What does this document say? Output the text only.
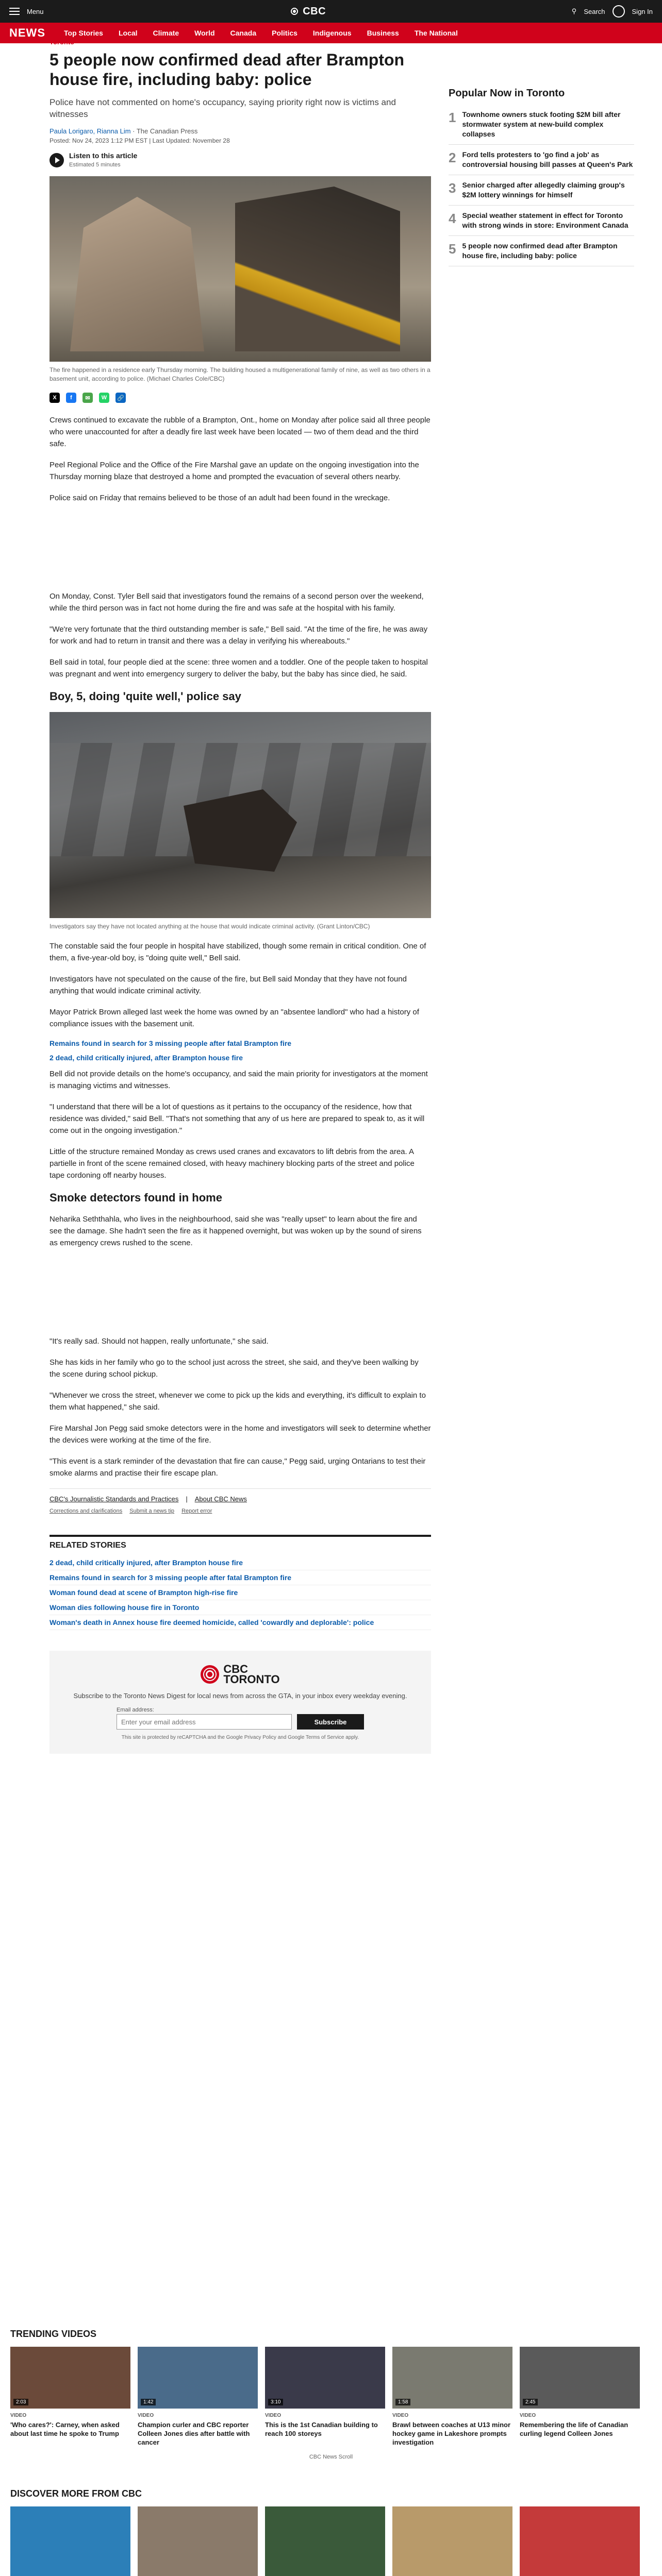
Menu	CBC	⚲ Search	Sign In
NEWS	Top Stories Local Climate World Canada Politics Indigenous Business The National
Toronto
5 people now confirmed dead after Brampton house fire, including baby: police

Police have not commented on home's occupancy, saying priority right now is victims and witnesses

Paula Lorigaro, Rianna Lim · The Canadian Press
Posted: Nov 24, 2023 1:12 PM EST | Last Updated: November 28
Listen to this article
Estimated 5 minutes

The fire happened in a residence early Thursday morning. The building housed a multigenerational family of nine, as well as two others in a basement unit, according to police. (Michael Charles Cole/CBC)

X	f	✉	W	🔗

Crews continued to excavate the rubble of a Brampton, Ont., home on Monday after police said all three people who were unaccounted for after a deadly fire last week have been located — two of them dead and the third safe.

Peel Regional Police and the Office of the Fire Marshal gave an update on the ongoing investigation into the Thursday morning blaze that destroyed a home and prompted the evacuation of several others nearby.

Police said on Friday that remains believed to be those of an adult had been found in the wreckage.

On Monday, Const. Tyler Bell said that investigators found the remains of a second person over the weekend, while the third person was in fact not home during the fire and was safe at the hospital with his family.

"We're very fortunate that the third outstanding member is safe," Bell said. "At the time of the fire, he was away for work and had to return in transit and there was a delay in verifying his whereabouts."

Bell said in total, four people died at the scene: three women and a toddler. One of the people taken to hospital was pregnant and went into emergency surgery to deliver the baby, but the baby has since died, he said.

Boy, 5, doing 'quite well,' police say

Investigators say they have not located anything at the house that would indicate criminal activity. (Grant Linton/CBC)

The constable said the four people in hospital have stabilized, though some remain in critical condition. One of them, a five-year-old boy, is "doing quite well," Bell said.

Investigators have not speculated on the cause of the fire, but Bell said Monday that they have not found anything that would indicate criminal activity.

Mayor Patrick Brown alleged last week the home was owned by an "absentee landlord" who had a history of compliance issues with the basement unit.

Remains found in search for 3 missing people after fatal Brampton fire
2 dead, child critically injured, after Brampton house fire

Bell did not provide details on the home's occupancy, and said the main priority for investigators at the moment is managing victims and witnesses.

"I understand that there will be a lot of questions as it pertains to the occupancy of the residence, how that residence was divided," said Bell. "That's not something that any of us here are prepared to speak to, as it will come out in the ongoing investigation."

Little of the structure remained Monday as crews used cranes and excavators to lift debris from the area. A partielle in front of the scene remained closed, with heavy machinery blocking parts of the street and police tape cordoning off nearby houses.

Smoke detectors found in home

Neharika Seththahla, who lives in the neighbourhood, said she was "really upset" to learn about the fire and see the damage. She hadn't seen the fire as it happened overnight, but was woken up by the sound of sirens as emergency crews rushed to the scene.

"It's really sad. Should not happen, really unfortunate," she said.

She has kids in her family who go to the school just across the street, she said, and they've been walking by the scene during school pickup.

"Whenever we cross the street, whenever we come to pick up the kids and everything, it's difficult to explain to them what happened," she said.

Fire Marshal Jon Pegg said smoke detectors were in the home and investigators will seek to determine whether the devices were working at the time of the fire.

"This event is a stark reminder of the devastation that fire can cause," Pegg said, urging Ontarians to test their smoke alarms and practise their fire escape plan.

CBC's Journalistic Standards and Practices | About CBC News
Corrections and clarifications Submit a news tip Report error
RELATED STORIES
2 dead, child critically injured, after Brampton house fire
Remains found in search for 3 missing people after fatal Brampton fire
Woman found dead at scene of Brampton high-rise fire
Woman dies following house fire in Toronto
Woman's death in Annex house fire deemed homicide, called 'cowardly and deplorable': police
CBC
TORONTO

Subscribe to the Toronto News Digest for local news from across the GTA, in your inbox every weekday evening.

Email address:
Enter your email address
Subscribe

This site is protected by reCAPTCHA and the Google Privacy Policy and Google Terms of Service apply.

Popular Now in Toronto
1 Townhome owners stuck footing $2M bill after stormwater system at new-build complex collapses
2 Ford tells protesters to 'go find a job' as controversial housing bill passes at Queen's Park
3 Senior charged after allegedly claiming group's $2M lottery winnings for himself
4 Special weather statement in effect for Toronto with strong winds in store: Environment Canada
5 5 people now confirmed dead after Brampton house fire, including baby: police
TRENDING VIDEOS
2:03
VIDEO
'Who cares?': Carney, when asked about last time he spoke to Trump
1:42
VIDEO
Champion curler and CBC reporter Colleen Jones dies after battle with cancer
3:10
VIDEO
This is the 1st Canadian building to reach 100 storeys
1:58
VIDEO
Brawl between coaches at U13 minor hockey game in Lakeshore prompts investigation
2:45
VIDEO
Remembering the life of Canadian curling legend Colleen Jones
CBC News Scroll
DISCOVER MORE FROM CBC
